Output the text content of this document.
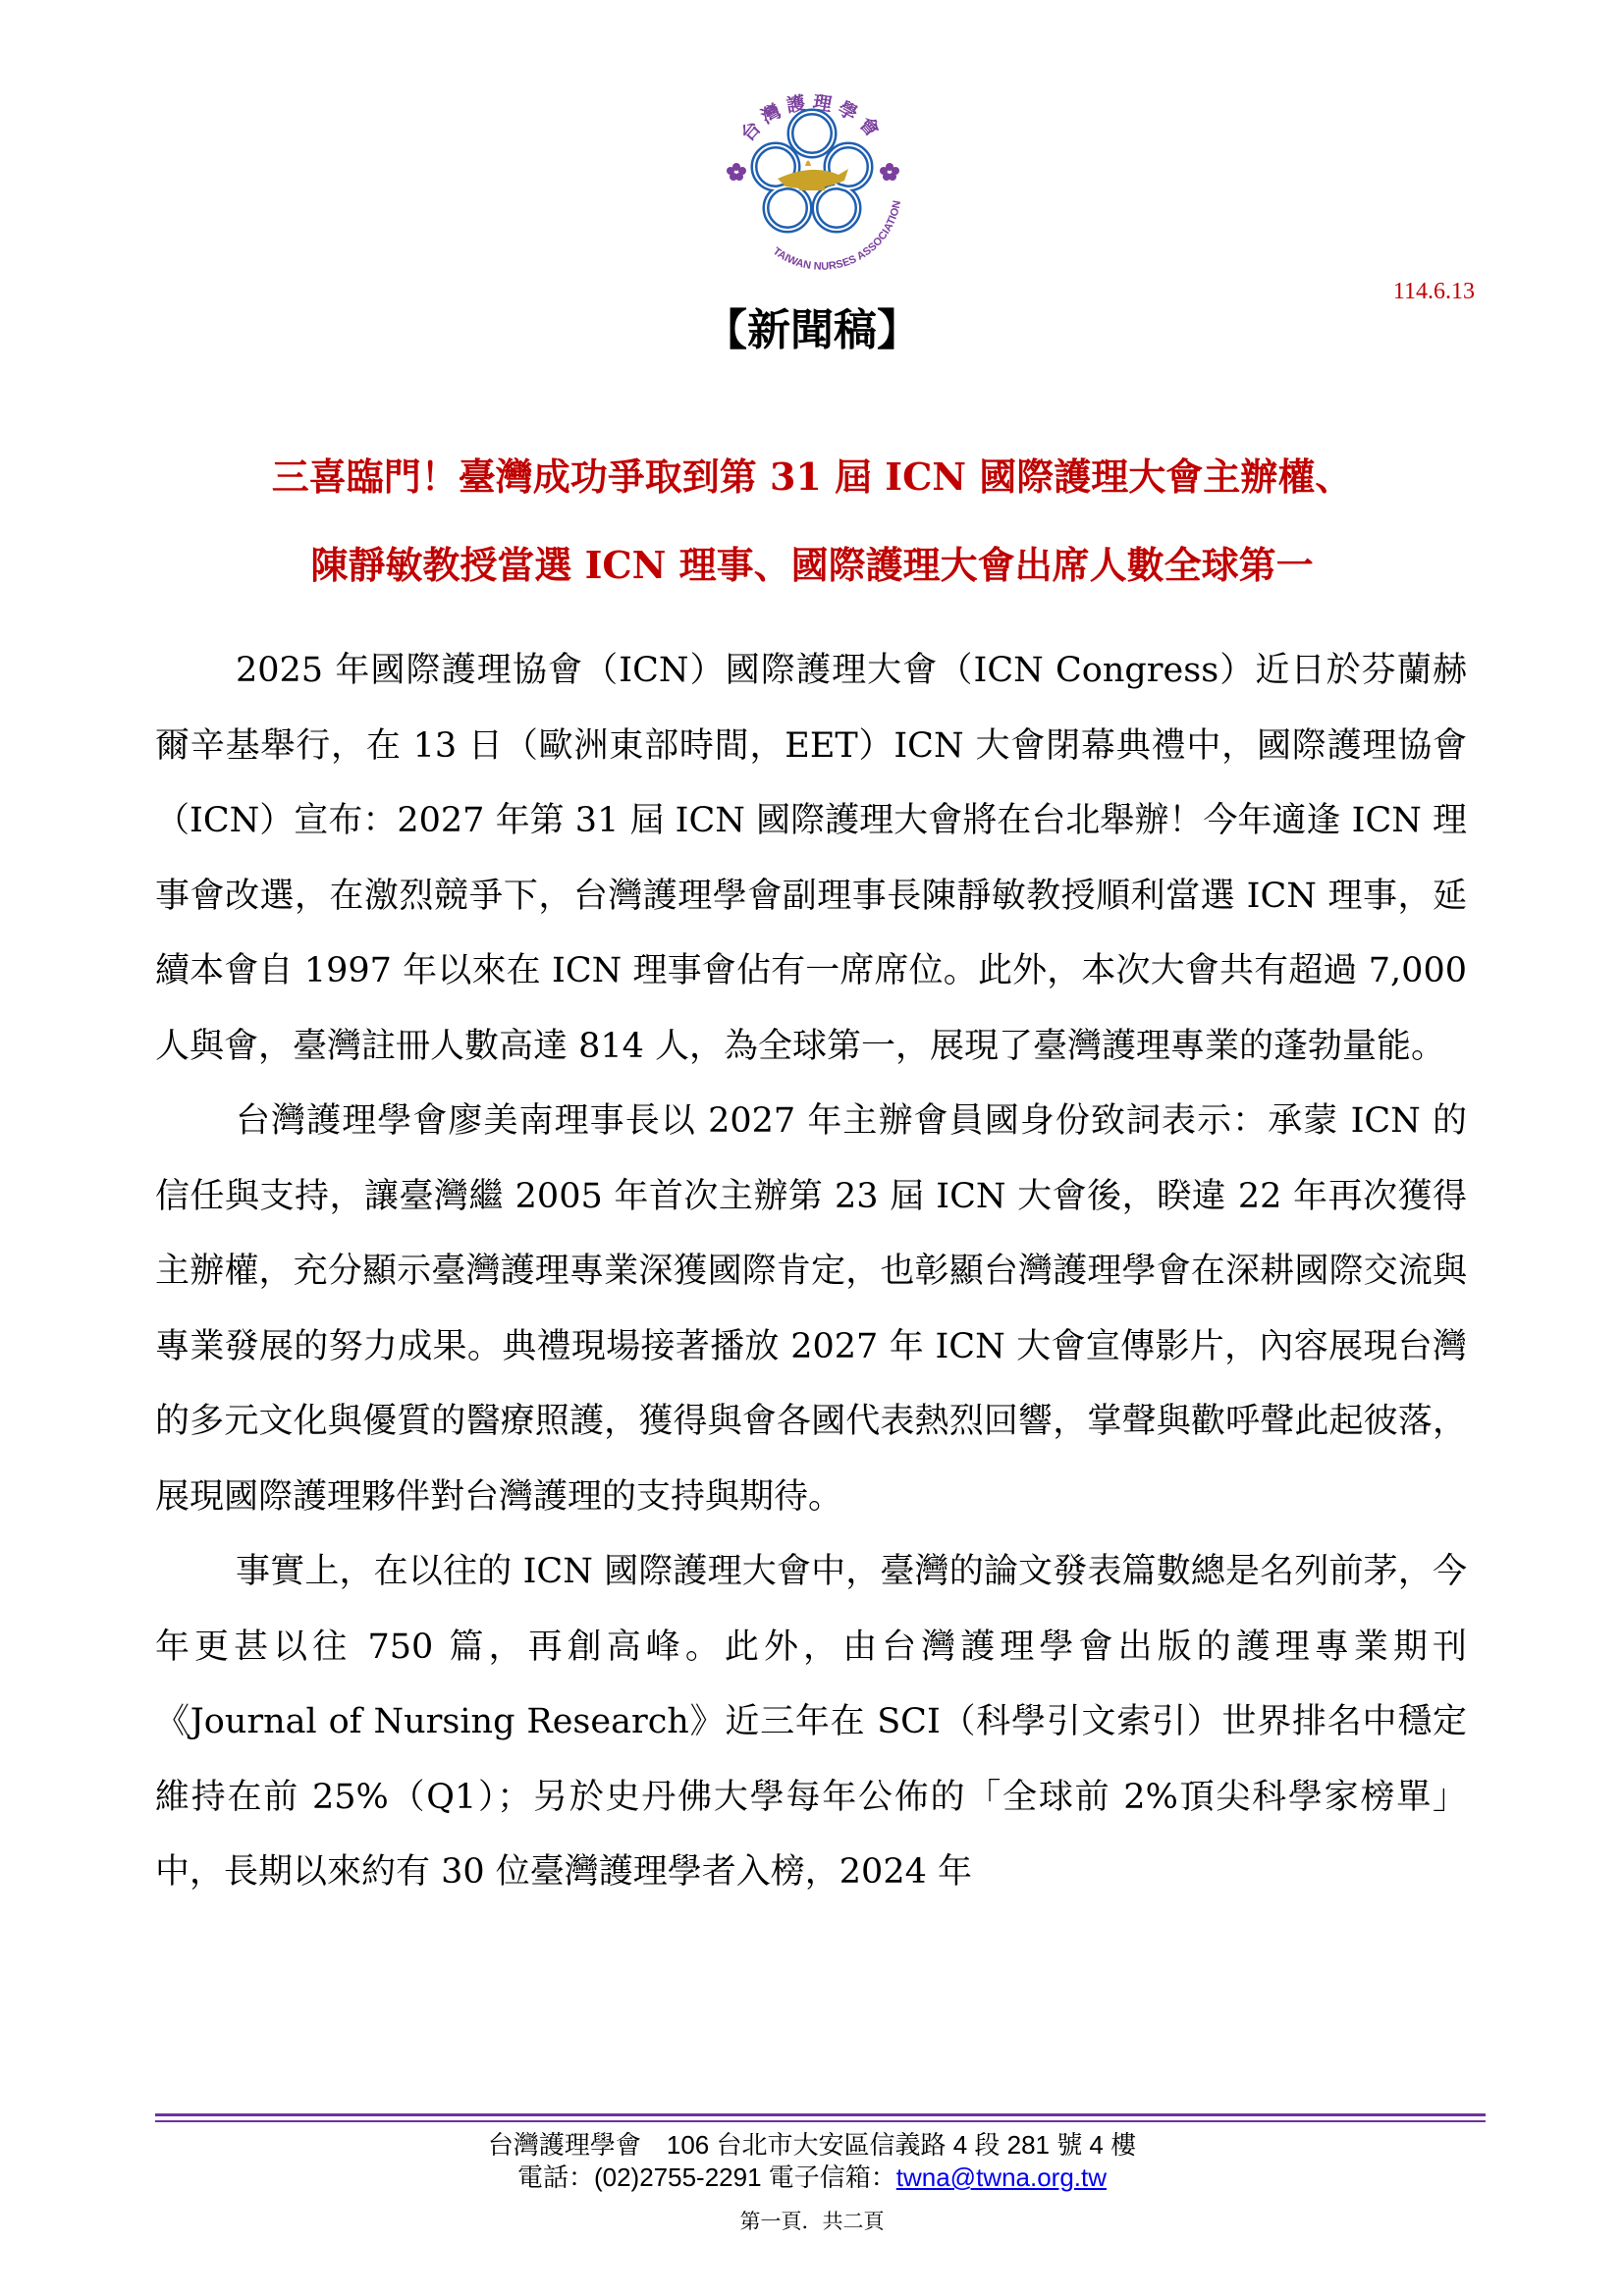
台灣護理學會
TAIWAN NURSES ASSOCIATION
114.6.13
【新聞稿】
三喜臨門！臺灣成功爭取到第 31 屆 ICN 國際護理大會主辦權、
陳靜敏教授當選 ICN 理事、國際護理大會出席人數全球第一

2025 年國際護理協會（ICN）國際護理大會（ICN Congress）近日於芬蘭赫爾辛基舉行，在 13 日（歐洲東部時間，EET）ICN 大會閉幕典禮中，國際護理協會（ICN）宣布：2027 年第 31 屆 ICN 國際護理大會將在台北舉辦！今年適逢 ICN 理事會改選，在激烈競爭下，台灣護理學會副理事長陳靜敏教授順利當選 ICN 理事，延續本會自 1997 年以來在 ICN 理事會佔有一席席位。此外，本次大會共有超過 7,000 人與會，臺灣註冊人數高達 814 人，為全球第一，展現了臺灣護理專業的蓬勃量能。

台灣護理學會廖美南理事長以 2027 年主辦會員國身份致詞表示：承蒙 ICN 的信任與支持，讓臺灣繼 2005 年首次主辦第 23 屆 ICN 大會後，睽違 22 年再次獲得主辦權，充分顯示臺灣護理專業深獲國際肯定，也彰顯台灣護理學會在深耕國際交流與專業發展的努力成果。典禮現場接著播放 2027 年 ICN 大會宣傳影片，內容展現台灣的多元文化與優質的醫療照護，獲得與會各國代表熱烈回響，掌聲與歡呼聲此起彼落，展現國際護理夥伴對台灣護理的支持與期待。

事實上，在以往的 ICN 國際護理大會中，臺灣的論文發表篇數總是名列前茅，今年更甚以往 750 篇，再創高峰。此外，由台灣護理學會出版的護理專業期刊《Journal of Nursing Research》近三年在 SCI（科學引文索引）世界排名中穩定維持在前 25%（Q1）；另於史丹佛大學每年公佈的「全球前 2%頂尖科學家榜單」中，長期以來約有 30 位臺灣護理學者入榜，2024 年

台灣護理學會　106 台北市大安區信義路 4 段 281 號 4 樓
電話：(02)2755-2291 電子信箱：twna@twna.org.tw
第一頁．共二頁
